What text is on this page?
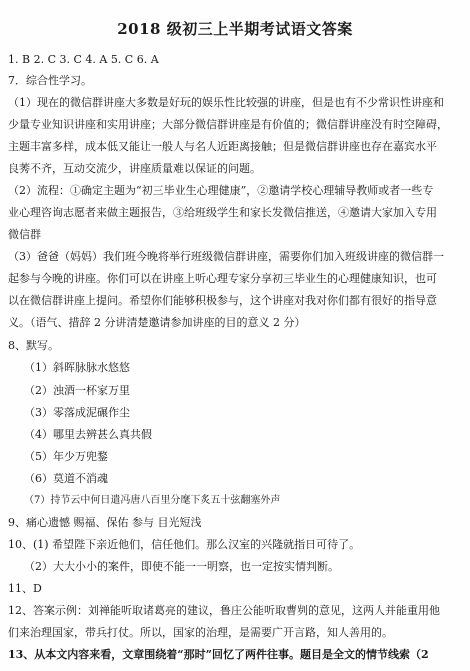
2018 级初三上半期考试语文答案
1. B 2. C 3. C 4. A 5. C 6. A
7．综合性学习。
（1）现在的微信群讲座大多数是好玩的娱乐性比较强的讲座，但是也有不少常识性讲座和
少量专业知识讲座和实用讲座；大部分微信群讲座是有价值的；微信群讲座没有时空障碍，
主题丰富多样，成本低又能让一般人与名人近距离接触；但是微信群讲座也存在嘉宾水平
良莠不齐，互动交流少，讲座质量难以保证的问题。
（2）流程：①确定主题为“初三毕业生心理健康”，②邀请学校心理辅导教师或者一些专
业心理咨询志愿者来做主题报告，③给班级学生和家长发微信推送，④邀请大家加入专用
微信群
（3）爸爸（妈妈）我们班今晚将举行班级微信群讲座，需要你们加入班级讲座的微信群一
起参与今晚的讲座。你们可以在讲座上听心理专家分享初三毕业生的心理健康知识，也可
以在微信群讲座上提问。希望你们能够积极参与，这个讲座对我对你们都有很好的指导意
义。（语气、措辞 2 分讲清楚邀请参加讲座的目的意义 2 分）
8、默写。
（1）斜晖脉脉水悠悠
（2）浊酒一杯家万里
（3）零落成泥碾作尘
（4）哪里去辨甚么真共假
（5）年少万兜鍪
（6）莫道不消魂
（7）持节云中何日遣冯唐八百里分麾下炙五十弦翻塞外声
9、痛心遗憾 赐福、保佑 参与 目光短浅
10、(1) 希望陛下亲近他们，信任他们。那么汉室的兴隆就指日可待了。
（2）大大小小的案件，即使不能一一明察，也一定按实情判断。
11、D
12、答案示例：刘禅能听取诸葛亮的建议，鲁庄公能听取曹刿的意见，这两人并能重用他
们来治理国家，带兵打仗。所以，国家的治理，是需要广开言路，知人善用的。
13、从本文内容来看，文章围绕着“那时”回忆了两件往事。题目是全文的情节线索（2
